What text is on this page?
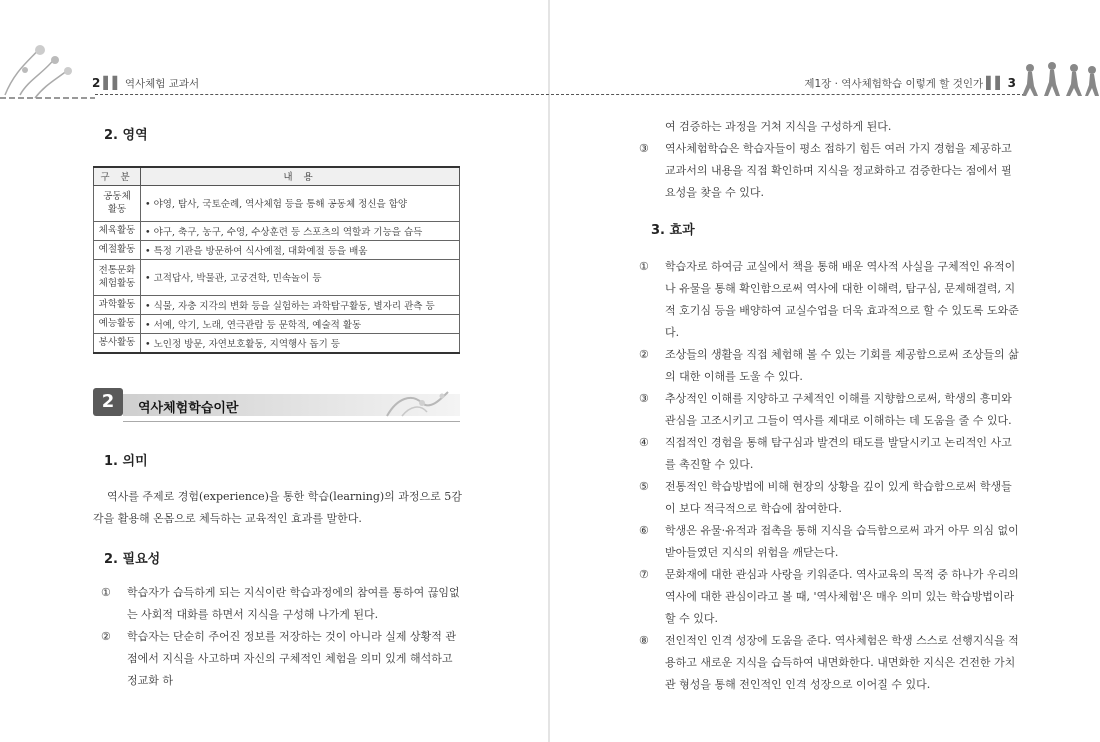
2 ▌▌ 역사체험 교과서	제1장 · 역사체험학습 이렇게 할 것인가 ▌▌ 3
2. 영역
구 분	내 용
공동체 활동	• 야영, 탐사, 국토순례, 역사체험 등을 통해 공동체 정신을 함양
체육활동	• 야구, 축구, 농구, 수영, 수상훈련 등 스포츠의 역할과 기능을 습득
예절활동	• 특정 기관을 방문하여 식사예절, 대화예절 등을 배움
전통문화 체험활동	• 고적답사, 박물관, 고궁견학, 민속놀이 등
과학활동	• 식물, 자충 지각의 변화 등을 실험하는 과학탐구활동, 별자리 관측 등
예능활동	• 서예, 악기, 노래, 연극관람 등 문학적, 예술적 활동
봉사활동	• 노인정 방문, 자연보호활동, 지역행사 돕기 등
2	역사체험학습이란
1. 의미
역사를 주제로 경험(experience)을 통한 학습(learning)의 과정으로 5감각을 활용해 온몸으로 체득하는 교육적인 효과를 말한다.
2. 필요성
① 학습자가 습득하게 되는 지식이란 학습과정에의 참여를 통하여 끊임없는 사회적 대화를 하면서 지식을 구성해 나가게 된다.
② 학습자는 단순히 주어진 정보를 저장하는 것이 아니라 실제 상황적 관점에서 지식을 사고하며 자신의 구체적인 체험을 의미 있게 해석하고 정교화 하
여 검증하는 과정을 거쳐 지식을 구성하게 된다.
③ 역사체험학습은 학습자들이 평소 접하기 힘든 여러 가지 경험을 제공하고 교과서의 내용을 직접 확인하며 지식을 정교화하고 검증한다는 점에서 필요성을 찾을 수 있다.
3. 효과
① 학습자로 하여금 교실에서 책을 통해 배운 역사적 사실을 구체적인 유적이나 유물을 통해 확인함으로써 역사에 대한 이해력, 탐구심, 문제해결력, 지적 호기심 등을 배양하여 교실수업을 더욱 효과적으로 할 수 있도록 도와준다.
② 조상들의 생활을 직접 체험해 볼 수 있는 기회를 제공함으로써 조상들의 삶의 대한 이해를 도울 수 있다.
③ 추상적인 이해를 지양하고 구체적인 이해를 지향함으로써, 학생의 흥미와 관심을 고조시키고 그들이 역사를 제대로 이해하는 데 도움을 줄 수 있다.
④ 직접적인 경험을 통해 탐구심과 발견의 태도를 발달시키고 논리적인 사고를 촉진할 수 있다.
⑤ 전통적인 학습방법에 비해 현장의 상황을 깊이 있게 학습함으로써 학생들이 보다 적극적으로 학습에 참여한다.
⑥ 학생은 유물·유적과 접촉을 통해 지식을 습득함으로써 과거 아무 의심 없이 받아들였던 지식의 위험을 깨닫는다.
⑦ 문화재에 대한 관심과 사랑을 키워준다. 역사교육의 목적 중 하나가 우리의 역사에 대한 관심이라고 볼 때, '역사체험'은 매우 의미 있는 학습방법이라 할 수 있다.
⑧ 전인적인 인격 성장에 도움을 준다. 역사체험은 학생 스스로 선행지식을 적용하고 새로운 지식을 습득하여 내면화한다. 내면화한 지식은 건전한 가치관 형성을 통해 전인적인 인격 성장으로 이어질 수 있다.
